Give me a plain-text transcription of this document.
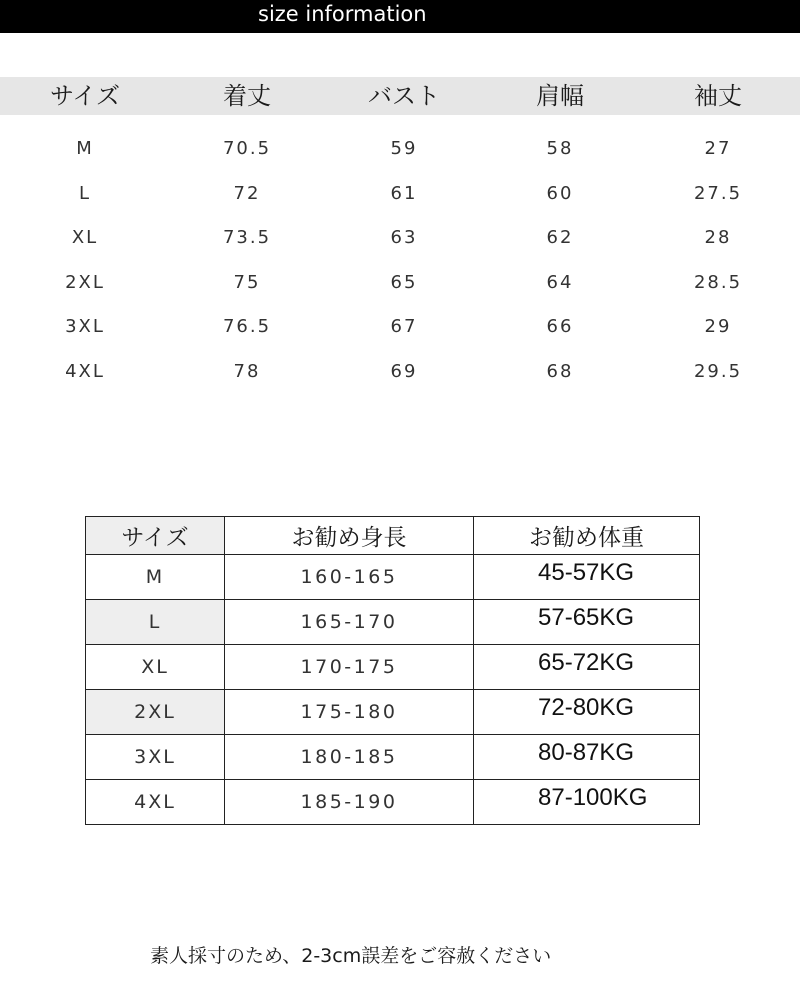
size information
サイズ	着丈	バスト	肩幅	袖丈
M	70.5	59	58	27
L	72	61	60	27.5
XL	73.5	63	62	28
2XL	75	65	64	28.5
3XL	76.5	67	66	29
4XL	78	69	68	29.5
サイズ	お勧め身長	お勧め体重
M	160-165	45-57KG

L	165-170	57-65KG

XL	170-175	65-72KG

2XL	175-180	72-80KG

3XL	180-185	80-87KG

4XL	185-190	87-100KG
素人採寸のため、2-3cm誤差をご容赦ください
